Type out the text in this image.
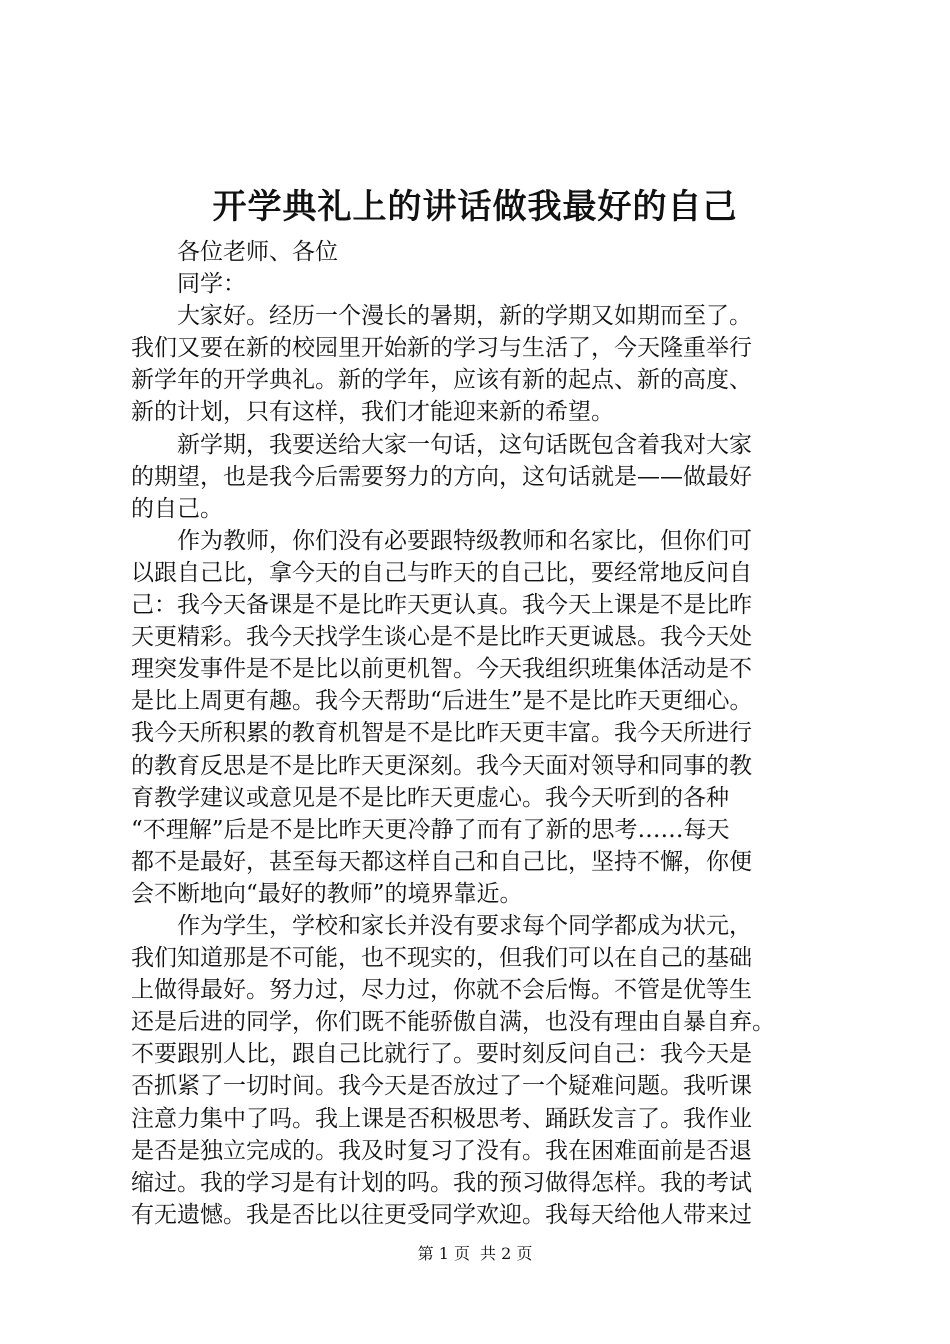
开学典礼上的讲话做我最好的自己
各位老师、各位
同学：
大家好。经历一个漫长的暑期，新的学期又如期而至了。
我们又要在新的校园里开始新的学习与生活了，今天隆重举行
新学年的开学典礼。新的学年，应该有新的起点、新的高度、
新的计划，只有这样，我们才能迎来新的希望。
新学期，我要送给大家一句话，这句话既包含着我对大家
的期望，也是我今后需要努力的方向，这句话就是——做最好
的自己。
作为教师，你们没有必要跟特级教师和名家比，但你们可
以跟自己比，拿今天的自己与昨天的自己比，要经常地反问自
己：我今天备课是不是比昨天更认真。我今天上课是不是比昨
天更精彩。我今天找学生谈心是不是比昨天更诚恳。我今天处
理突发事件是不是比以前更机智。今天我组织班集体活动是不
是比上周更有趣。我今天帮助“后进生”是不是比昨天更细心。
我今天所积累的教育机智是不是比昨天更丰富。我今天所进行
的教育反思是不是比昨天更深刻。我今天面对领导和同事的教
育教学建议或意见是不是比昨天更虚心。我今天听到的各种
“不理解”后是不是比昨天更冷静了而有了新的思考……每天
都不是最好，甚至每天都这样自己和自己比，坚持不懈，你便
会不断地向“最好的教师”的境界靠近。
作为学生，学校和家长并没有要求每个同学都成为状元，
我们知道那是不可能，也不现实的，但我们可以在自己的基础
上做得最好。努力过，尽力过，你就不会后悔。不管是优等生
还是后进的同学，你们既不能骄傲自满，也没有理由自暴自弃。
不要跟别人比，跟自己比就行了。要时刻反问自己：我今天是
否抓紧了一切时间。我今天是否放过了一个疑难问题。我听课
注意力集中了吗。我上课是否积极思考、踊跃发言了。我作业
是否是独立完成的。我及时复习了没有。我在困难面前是否退
缩过。我的学习是有计划的吗。我的预习做得怎样。我的考试
有无遗憾。我是否比以往更受同学欢迎。我每天给他人带来过
第 1 页 共 2 页
